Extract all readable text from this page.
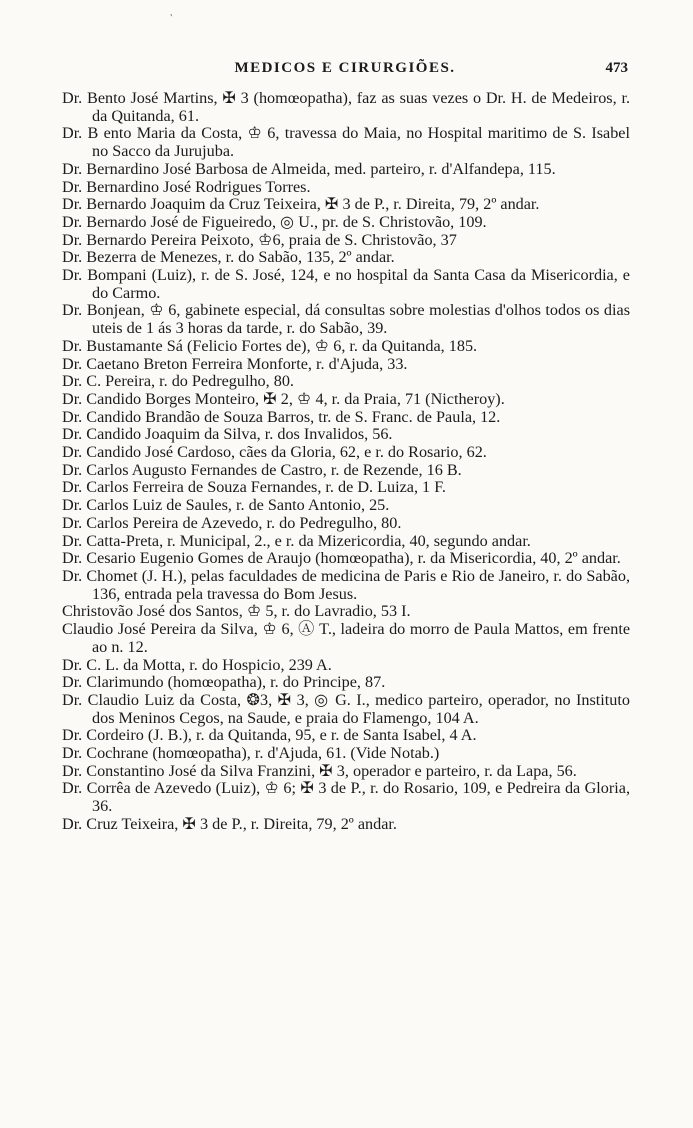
‛
MEDICOS E CIRURGIÕES.	473

Dr. Bento José Martins, ✠ 3 (homœopatha), faz as suas vezes o Dr. H. de Medeiros, r. da Quitanda, 61.

Dr. B ento Maria da Costa, ♔ 6, travessa do Maia, no Hospital maritimo de S. Isabel no Sacco da Jurujuba.

Dr. Bernardino José Barbosa de Almeida, med. parteiro, r. d'Alfandepa, 115.

Dr. Bernardino José Rodrigues Torres.

Dr. Bernardo Joaquim da Cruz Teixeira, ✠ 3 de P., r. Direita, 79, 2º andar.

Dr. Bernardo José de Figueiredo, ◎ U., pr. de S. Christovão, 109.

Dr. Bernardo Pereira Peixoto, ♔6, praia de S. Christovão, 37

Dr. Bezerra de Menezes, r. do Sabão, 135, 2º andar.

Dr. Bompani (Luiz), r. de S. José, 124, e no hospital da Santa Casa da Misericordia, e do Carmo.

Dr. Bonjean, ♔ 6, gabinete especial, dá consultas sobre molestias d'olhos todos os dias uteis de 1 ás 3 horas da tarde, r. do Sabão, 39.

Dr. Bustamante Sá (Felicio Fortes de), ♔ 6, r. da Quitanda, 185.

Dr. Caetano Breton Ferreira Monforte, r. d'Ajuda, 33.

Dr. C. Pereira, r. do Pedregulho, 80.

Dr. Candido Borges Monteiro, ✠ 2, ♔ 4, r. da Praia, 71 (Nictheroy).

Dr. Candido Brandão de Souza Barros, tr. de S. Franc. de Paula, 12.

Dr. Candido Joaquim da Silva, r. dos Invalidos, 56.

Dr. Candido José Cardoso, cães da Gloria, 62, e r. do Rosario, 62.

Dr. Carlos Augusto Fernandes de Castro, r. de Rezende, 16 B.

Dr. Carlos Ferreira de Souza Fernandes, r. de D. Luiza, 1 F.

Dr. Carlos Luiz de Saules, r. de Santo Antonio, 25.

Dr. Carlos Pereira de Azevedo, r. do Pedregulho, 80.

Dr. Catta-Preta, r. Municipal, 2., e r. da Mizericordia, 40, segundo andar.

Dr. Cesario Eugenio Gomes de Araujo (homœopatha), r. da Misericordia, 40, 2º andar.

Dr. Chomet (J. H.), pelas faculdades de medicina de Paris e Rio de Janeiro, r. do Sabão, 136, entrada pela travessa do Bom Jesus.

Christovão José dos Santos, ♔ 5, r. do Lavradio, 53 I.

Claudio José Pereira da Silva, ♔ 6, Ⓐ T., ladeira do morro de Paula Mattos, em frente ao n. 12.

Dr. C. L. da Motta, r. do Hospicio, 239 A.

Dr. Clarimundo (homœopatha), r. do Principe, 87.

Dr. Claudio Luiz da Costa, ❂3, ✠ 3, ◎ G. I., medico parteiro, operador, no Instituto dos Meninos Cegos, na Saude, e praia do Flamengo, 104 A.

Dr. Cordeiro (J. B.), r. da Quitanda, 95, e r. de Santa Isabel, 4 A.

Dr. Cochrane (homœopatha), r. d'Ajuda, 61. (Vide Notab.)

Dr. Constantino José da Silva Franzini, ✠ 3, operador e parteiro, r. da Lapa, 56.

Dr. Corrêa de Azevedo (Luiz), ♔ 6; ✠ 3 de P., r. do Rosario, 109, e Pedreira da Gloria, 36.

Dr. Cruz Teixeira, ✠ 3 de P., r. Direita, 79, 2º andar.
